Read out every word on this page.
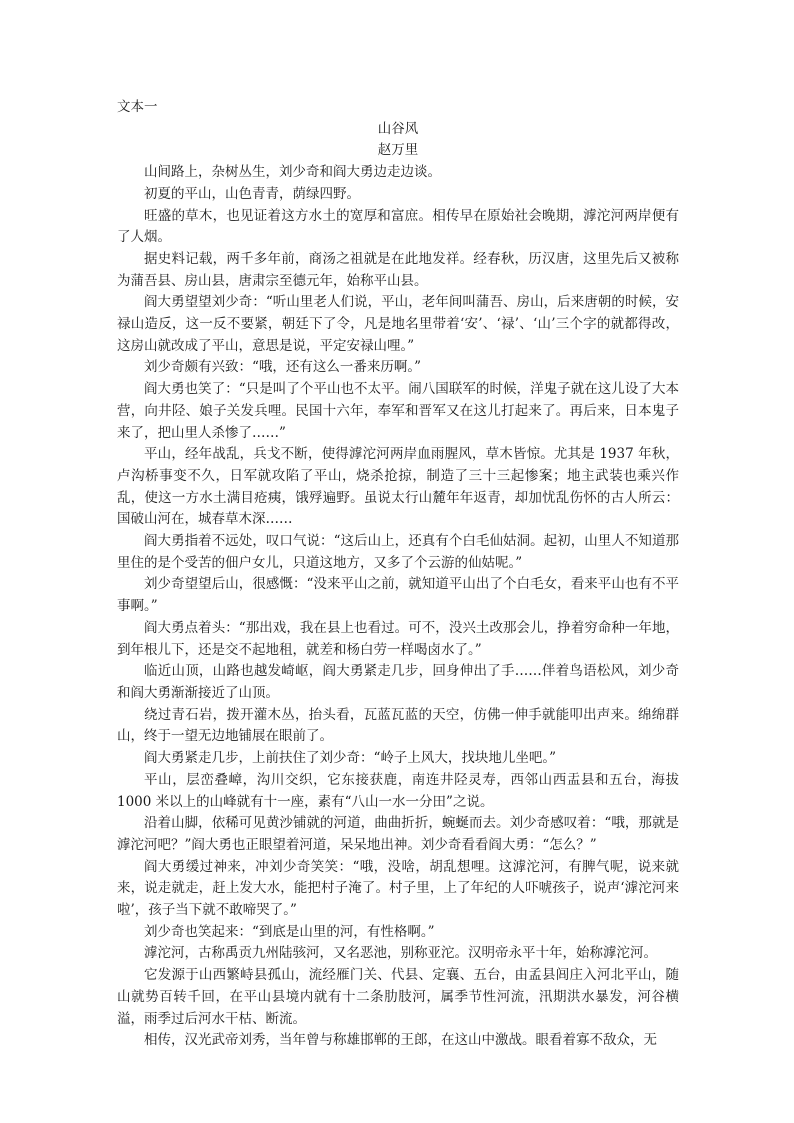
文本一

山谷风

赵万里

山间路上，杂树丛生，刘少奇和阎大勇边走边谈。

初夏的平山，山色青青，荫绿四野。

旺盛的草木，也见证着这方水土的宽厚和富庶。相传早在原始社会晚期，滹沱河两岸便有了人烟。

据史料记载，两千多年前，商汤之祖就是在此地发祥。经春秋，历汉唐，这里先后又被称为蒲吾县、房山县，唐肃宗至德元年，始称平山县。

阎大勇望望刘少奇：“听山里老人们说，平山，老年间叫蒲吾、房山，后来唐朝的时候，安禄山造反，这一反不要紧，朝廷下了令，凡是地名里带着‘安’、‘禄’、‘山’三个字的就都得改，这房山就改成了平山，意思是说，平定安禄山哩。”

刘少奇颇有兴致：“哦，还有这么一番来历啊。”

阎大勇也笑了：“只是叫了个平山也不太平。闹八国联军的时候，洋鬼子就在这儿设了大本营，向井陉、娘子关发兵哩。民国十六年，奉军和晋军又在这儿打起来了。再后来，日本鬼子来了，把山里人杀惨了……”

平山，经年战乱，兵戈不断，使得滹沱河两岸血雨腥风，草木皆惊。尤其是 1937 年秋，卢沟桥事变不久，日军就攻陷了平山，烧杀抢掠，制造了三十三起惨案；地主武装也乘兴作乱，使这一方水土满目疮痍，饿殍遍野。虽说太行山麓年年返青，却加忧乱伤怀的古人所云：国破山河在，城春草木深……

阎大勇指着不远处，叹口气说：“这后山上，还真有个白毛仙姑洞。起初，山里人不知道那里住的是个受苦的佃户女儿，只道这地方，又多了个云游的仙姑呢。”

刘少奇望望后山，很感慨：“没来平山之前，就知道平山出了个白毛女，看来平山也有不平事啊。”

阎大勇点着头：“那出戏，我在县上也看过。可不，没兴土改那会儿，挣着穷命种一年地，到年根儿下，还是交不起地租，就差和杨白劳一样喝卤水了。”

临近山顶，山路也越发崎岖，阎大勇紧走几步，回身伸出了手……伴着鸟语松风，刘少奇和阎大勇渐渐接近了山顶。

绕过青石岩，拨开灌木丛，抬头看，瓦蓝瓦蓝的天空，仿佛一伸手就能叩出声来。绵绵群山，终于一望无边地铺展在眼前了。

阎大勇紧走几步，上前扶住了刘少奇：“岭子上风大，找块地儿坐吧。”

平山，层峦叠嶂，沟川交织，它东接获鹿，南连井陉灵寿，西邻山西盂县和五台，海拔 1000 米以上的山峰就有十一座，素有“八山一水一分田”之说。

沿着山脚，依稀可见黄沙铺就的河道，曲曲折折，蜿蜒而去。刘少奇感叹着：“哦，那就是滹沱河吧？”阎大勇也正眼望着河道，呆呆地出神。刘少奇看看阎大勇：“怎么？”

阎大勇缓过神来，冲刘少奇笑笑：“哦，没啥，胡乱想哩。这滹沱河，有脾气呢，说来就来，说走就走，赶上发大水，能把村子淹了。村子里，上了年纪的人吓唬孩子，说声‘滹沱河来啦’，孩子当下就不敢啼哭了。”

刘少奇也笑起来：“到底是山里的河，有性格啊。”

滹沱河，古称禹贡九州陆骇河，又名恶池，别称亚沱。汉明帝永平十年，始称滹沱河。

它发源于山西繁峙县孤山，流经雁门关、代县、定襄、五台，由孟县闾庄入河北平山，随山就势百转千回，在平山县境内就有十二条肋肢河，属季节性河流，汛期洪水暴发，河谷横溢，雨季过后河水干枯、断流。

相传，汉光武帝刘秀，当年曾与称雄邯郸的王郎，在这山中激战。眼看着寡不敌众，无
